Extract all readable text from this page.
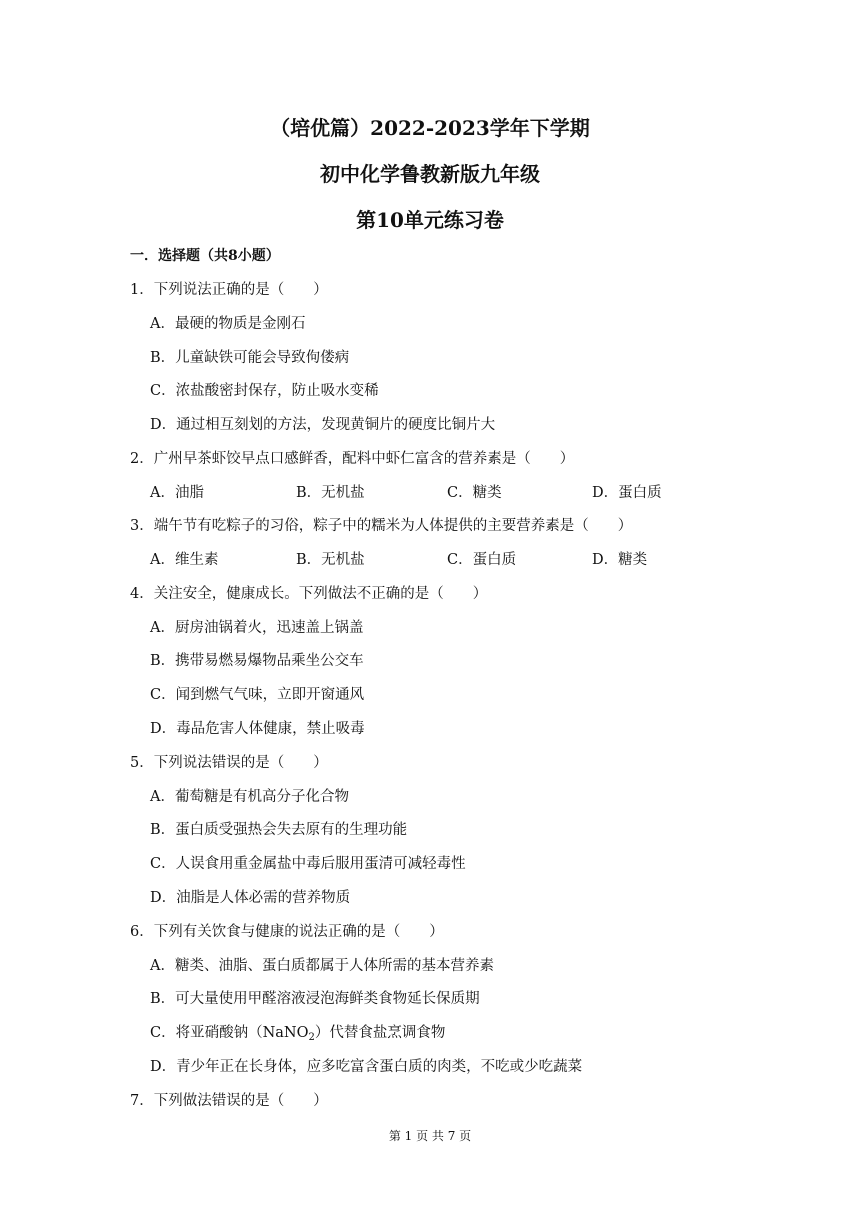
（培优篇）2022-2023学年下学期
初中化学鲁教新版九年级
第10单元练习卷
一．选择题（共8小题）
1．下列说法正确的是（　　）
A．最硬的物质是金刚石
B．儿童缺铁可能会导致佝偻病
C．浓盐酸密封保存，防止吸水变稀
D．通过相互刻划的方法，发现黄铜片的硬度比铜片大
2．广州早茶虾饺早点口感鲜香，配料中虾仁富含的营养素是（　　）
A．油脂	B．无机盐	C．糖类	D．蛋白质
3．端午节有吃粽子的习俗，粽子中的糯米为人体提供的主要营养素是（　　）
A．维生素	B．无机盐	C．蛋白质	D．糖类
4．关注安全，健康成长。下列做法不正确的是（　　）
A．厨房油锅着火，迅速盖上锅盖
B．携带易燃易爆物品乘坐公交车
C．闻到燃气气味，立即开窗通风
D．毒品危害人体健康，禁止吸毒
5．下列说法错误的是（　　）
A．葡萄糖是有机高分子化合物
B．蛋白质受强热会失去原有的生理功能
C．人误食用重金属盐中毒后服用蛋清可减轻毒性
D．油脂是人体必需的营养物质
6．下列有关饮食与健康的说法正确的是（　　）
A．糖类、油脂、蛋白质都属于人体所需的基本营养素
B．可大量使用甲醛溶液浸泡海鲜类食物延长保质期
C．将亚硝酸钠（NaNO$_2$）代替食盐烹调食物
D．青少年正在长身体，应多吃富含蛋白质的肉类，不吃或少吃蔬菜
7．下列做法错误的是（　　）
第 1 页 共 7 页
